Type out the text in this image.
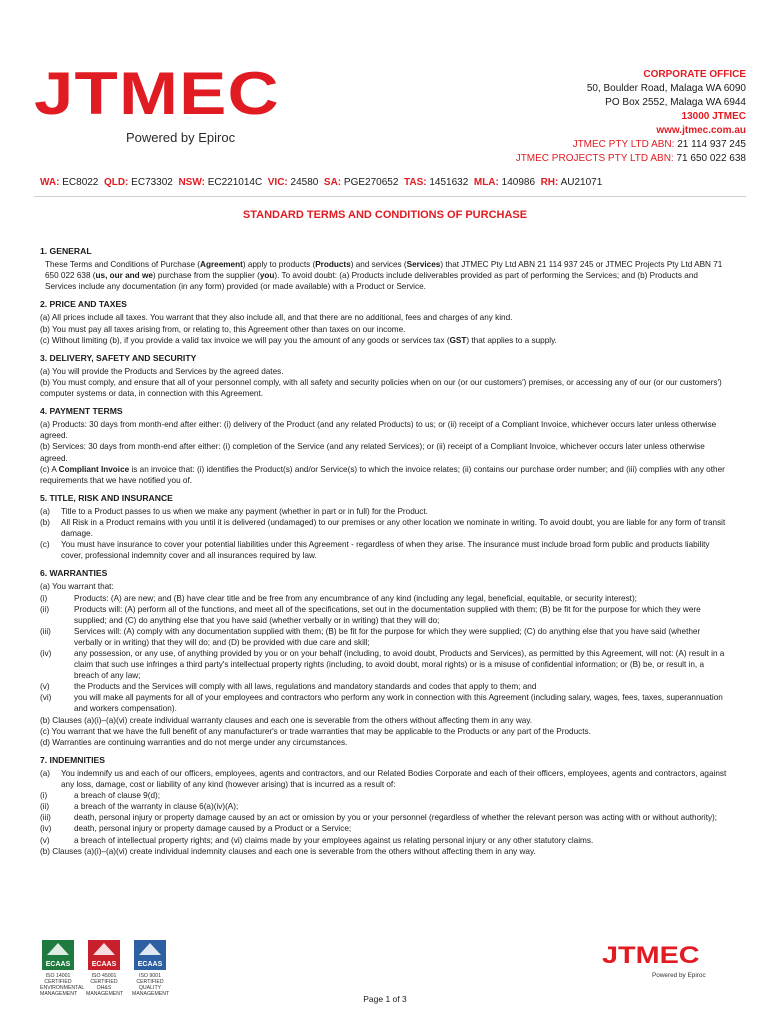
JTMEC
Powered by Epiroc
CORPORATE OFFICE
50, Boulder Road, Malaga WA 6090
PO Box 2552, Malaga WA 6944
13000 JTMEC
www.jtmec.com.au
JTMEC PTY LTD ABN: 21 114 937 245
JTMEC PROJECTS PTY LTD ABN: 71 650 022 638
WA: EC8022 QLD: EC73302 NSW: EC221014C VIC: 24580 SA: PGE270652 TAS: 1451632 MLA: 140986 RH: AU21071
STANDARD TERMS AND CONDITIONS OF PURCHASE
1. GENERAL

These Terms and Conditions of Purchase (Agreement) apply to products (Products) and services (Services) that JTMEC Pty Ltd ABN 21 114 937 245 or JTMEC Projects Pty Ltd ABN 71 650 022 638 (us, our and we) purchase from the supplier (you). To avoid doubt: (a) Products include deliverables provided as part of performing the Services; and (b) Products and Services include any documentation (in any form) provided (or made available) with a Product or Service.

2. PRICE AND TAXES

(a) All prices include all taxes. You warrant that they also include all, and that there are no additional, fees and charges of any kind.

(b) You must pay all taxes arising from, or relating to, this Agreement other than taxes on our income.

(c) Without limiting (b), if you provide a valid tax invoice we will pay you the amount of any goods or services tax (GST) that applies to a supply.

3. DELIVERY, SAFETY AND SECURITY

(a) You will provide the Products and Services by the agreed dates.

(b) You must comply, and ensure that all of your personnel comply, with all safety and security policies when on our (or our customers') premises, or accessing any of our (or our customers') computer systems or data, in connection with this Agreement.

4. PAYMENT TERMS

(a) Products: 30 days from month-end after either: (i) delivery of the Product (and any related Products) to us; or (ii) receipt of a Compliant Invoice, whichever occurs later unless otherwise agreed.

(b) Services: 30 days from month-end after either: (i) completion of the Service (and any related Services); or (ii) receipt of a Compliant Invoice, whichever occurs later unless otherwise agreed.

(c) A Compliant Invoice is an invoice that: (i) identifies the Product(s) and/or Service(s) to which the invoice relates; (ii) contains our purchase order number; and (iii) complies with any other requirements that we have notified you of.

5. TITLE, RISK AND INSURANCE
(a)	Title to a Product passes to us when we make any payment (whether in part or in full) for the Product.
(b)	All Risk in a Product remains with you until it is delivered (undamaged) to our premises or any other location we nominate in writing. To avoid doubt, you are liable for any form of transit damage.
(c)	You must have insurance to cover your potential liabilities under this Agreement - regardless of when they arise. The insurance must include broad form public and products liability cover, professional indemnity cover and all insurances required by law.
6. WARRANTIES

(a) You warrant that:

(i)	Products: (A) are new; and (B) have clear title and be free from any encumbrance of any kind (including any legal, beneficial, equitable, or security interest);
(ii)	Products will: (A) perform all of the functions, and meet all of the specifications, set out in the documentation supplied with them; (B) be fit for the purpose for which they were supplied; and (C) do anything else that you have said (whether verbally or in writing) that they will do;
(iii)	Services will: (A) comply with any documentation supplied with them; (B) be fit for the purpose for which they were supplied; (C) do anything else that you have said (whether verbally or in writing) that they will do; and (D) be provided with due care and skill;
(iv)	any possession, or any use, of anything provided by you or on your behalf (including, to avoid doubt, Products and Services), as permitted by this Agreement, will not: (A) result in a claim that such use infringes a third party's intellectual property rights (including, to avoid doubt, moral rights) or is a misuse of confidential information; or (B) be, or result in, a breach of any law;
(v)	the Products and the Services will comply with all laws, regulations and mandatory standards and codes that apply to them; and
(vi)	you will make all payments for all of your employees and contractors who perform any work in connection with this Agreement (including salary, wages, fees, taxes, superannuation and workers compensation).

(b) Clauses (a)(i)–(a)(vi) create individual warranty clauses and each one is severable from the others without affecting them in any way.

(c) You warrant that we have the full benefit of any manufacturer's or trade warranties that may be applicable to the Products or any part of the Products.

(d) Warranties are continuing warranties and do not merge under any circumstances.

7. INDEMNITIES
(a)	You indemnify us and each of our officers, employees, agents and contractors, and our Related Bodies Corporate and each of their officers, employees, agents and contractors, against any loss, damage, cost or liability of any kind (however arising) that is incurred as a result of:
(i)	a breach of clause 9(d);
(ii)	a breach of the warranty in clause 6(a)(iv)(A);
(iii)	death, personal injury or property damage caused by an act or omission by you or your personnel (regardless of whether the relevant person was acting with or without authority);
(iv)	death, personal injury or property damage caused by a Product or a Service;
(v)	a breach of intellectual property rights; and (vi) claims made by your employees against us relating personal injury or any other statutory claims.

(b) Clauses (a)(i)–(a)(vi) create individual indemnity clauses and each one is severable from the others without affecting them in any way.

ECAAS
ISO 14001 CERTIFIED ENVIRONMENTAL MANAGEMENT
ECAAS
ISO 45001 CERTIFIED OH&S MANAGEMENT
ECAAS
ISO 9001 CERTIFIED QUALITY MANAGEMENT	Page 1 of 3
JTMEC
Powered by Epiroc
